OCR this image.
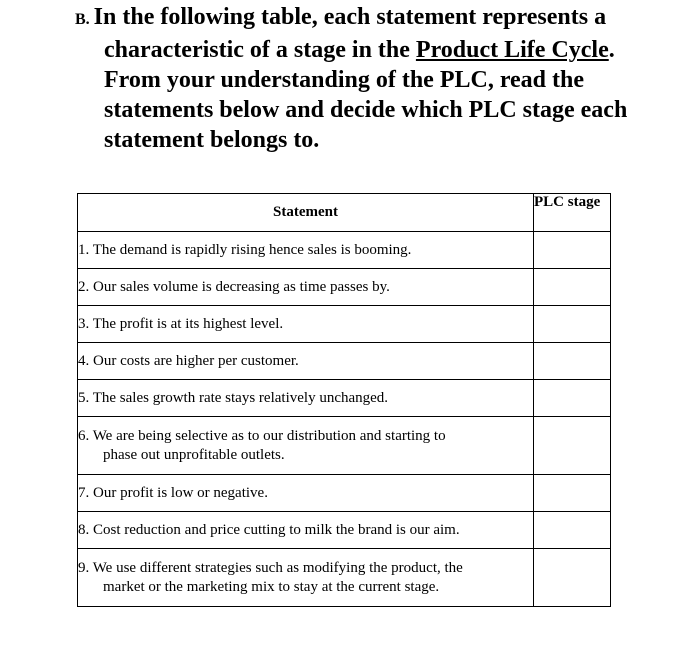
B. In the following table, each statement represents a
characteristic of a stage in the Product Life Cycle.
From your understanding of the PLC, read the
statements below and decide which PLC stage each
statement belongs to.
Statement	PLC stage
1. The demand is rapidly rising hence sales is booming.	

2. Our sales volume is decreasing as time passes by.	

3. The profit is at its highest level.	

4. Our costs are higher per customer.	

5. The sales growth rate stays relatively unchanged.	

6. We are being selective as to our distribution and starting to
phase out unprofitable outlets.	

7. Our profit is low or negative.	

8. Cost reduction and price cutting to milk the brand is our aim.	

9. We use different strategies such as modifying the product, the
market or the marketing mix to stay at the current stage.	
